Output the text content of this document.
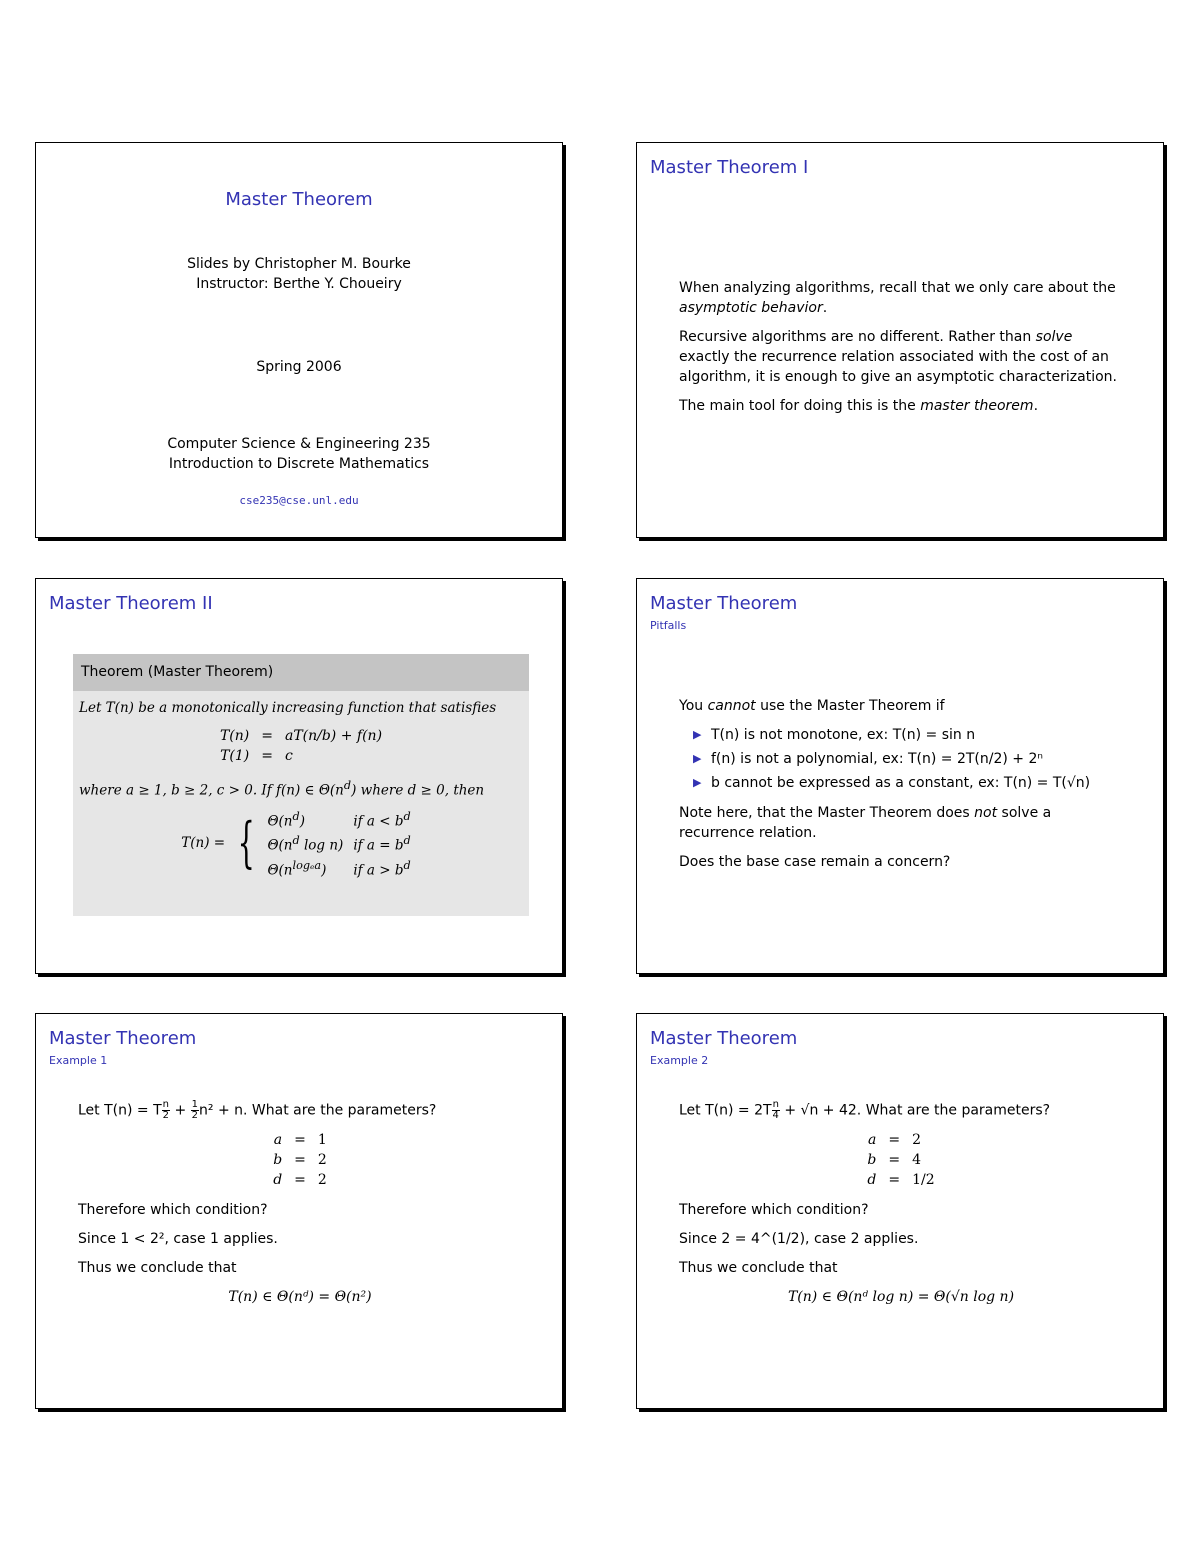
Master Theorem
Slides by Christopher M. Bourke
Instructor: Berthe Y. Choueiry
Spring 2006
Computer Science & Engineering 235
Introduction to Discrete Mathematics
cse235@cse.unl.edu
Master Theorem I

When analyzing algorithms, recall that we only care about the asymptotic behavior.

Recursive algorithms are no different. Rather than solve exactly the recurrence relation associated with the cost of an algorithm, it is enough to give an asymptotic characterization.

The main tool for doing this is the master theorem.

Master Theorem II
Theorem (Master Theorem)
Let T(n) be a monotonically increasing function that satisfies
T(n)	=	aT(n/b) + f(n)
T(1)	=	c
where a ≥ 1, b ≥ 2, c > 0. If f(n) ∈ $\Theta(n^d)$ where d ≥ 0, then
T(n) = { $\Theta(n^d)$	if $a < b^d$
$\Theta(n^d$ log n)	if $a = b^d$
$\Theta(n^{log_ea})$	if $a > b^d$
Master Theorem
Pitfalls

You cannot use the Master Theorem if

▶ T(n) is not monotone, ex: T(n) = sin n
▶ f(n) is not a polynomial, ex: T(n) = 2T(n/2) + 2ⁿ
▶ b cannot be expressed as a constant, ex: T(n) = T(√n)

Note here, that the Master Theorem does not solve a recurrence relation.

Does the base case remain a concern?

Master Theorem
Example 1

Let T(n) = T $\frac{n}{2} + \frac{1}{2} n^2 + n$. What are the parameters?

a	=	1
b	=	2
d	=	2

Therefore which condition?

Since 1 < 2², case 1 applies.

Thus we conclude that

T(n) ∈ Θ(nᵈ) = Θ(n²)

Master Theorem
Example 2

Let $T(n) = 2T \frac{n}{4} + √n + 42$. What are the parameters?

a	=	2
b	=	4
d	=	1/2

Therefore which condition?

Since 2 = 4^(1/2), case 2 applies.

Thus we conclude that

T(n) ∈ Θ(nᵈ log n) = Θ(√n log n)
